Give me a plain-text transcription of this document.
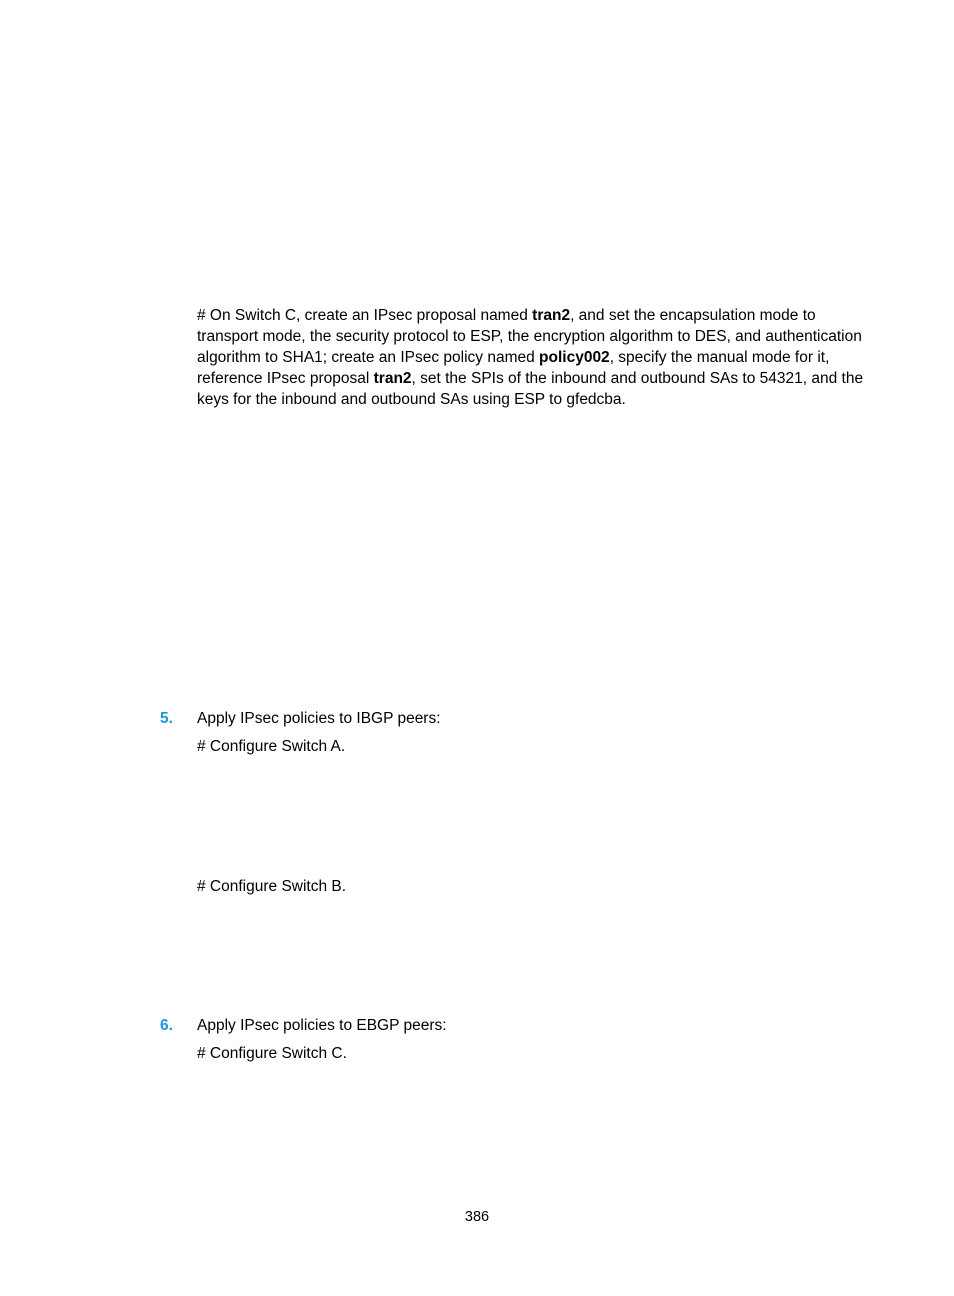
# On Switch C, create an IPsec proposal named tran2, and set the encapsulation mode to transport mode, the security protocol to ESP, the encryption algorithm to DES, and authentication algorithm to SHA1; create an IPsec policy named policy002, specify the manual mode for it, reference IPsec proposal tran2, set the SPIs of the inbound and outbound SAs to 54321, and the keys for the inbound and outbound SAs using ESP to gfedcba.

5. Apply IPsec policies to IBGP peers:
# Configure Switch A.
# Configure Switch B.
6. Apply IPsec policies to EBGP peers:
# Configure Switch C.
386
